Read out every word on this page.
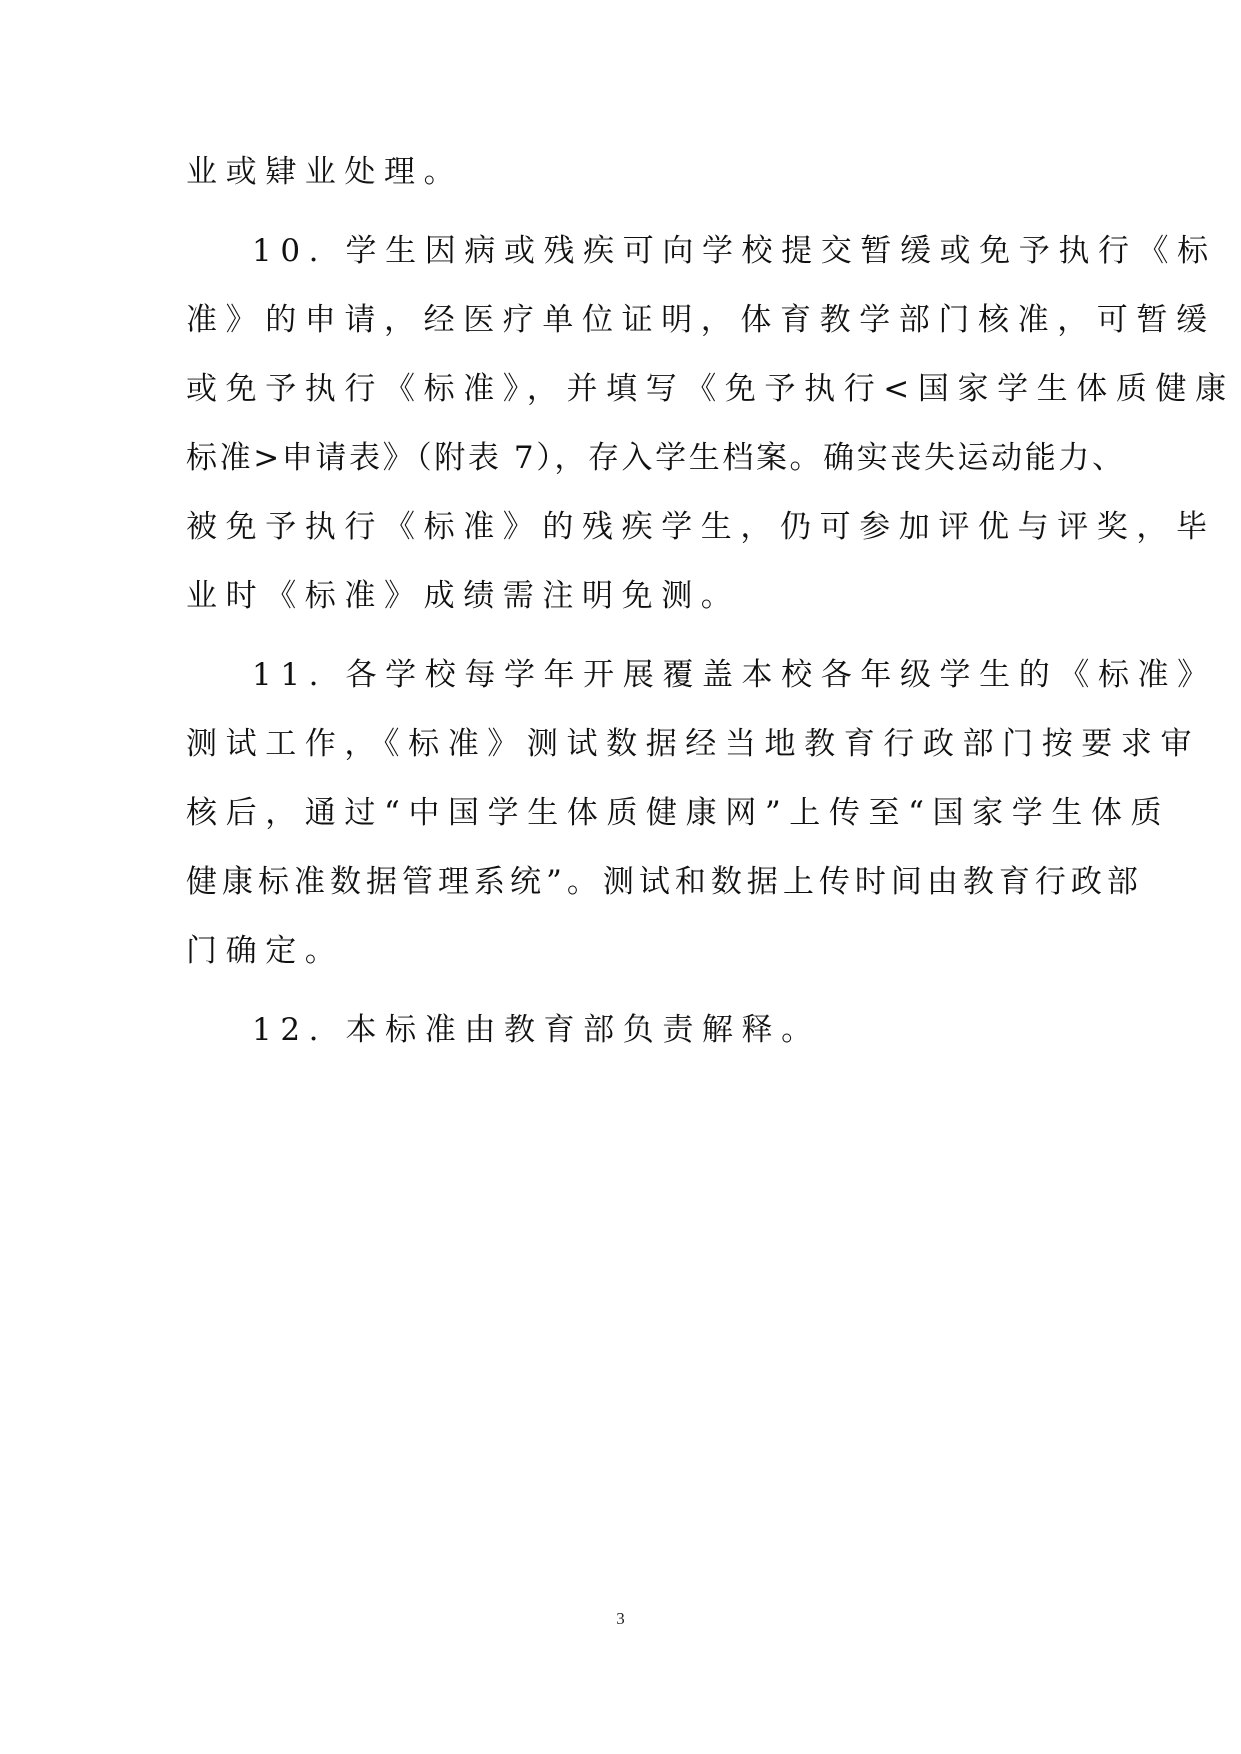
业或肄业处理。
10. 学生因病或残疾可向学校提交暂缓或免予执行《标
准》的申请，经医疗单位证明，体育教学部门核准，可暂缓
或免予执行《标准》，并填写《免予执行<国家学生体质健康
标准>申请表》（附表 7），存入学生档案。确实丧失运动能力、
被免予执行《标准》的残疾学生，仍可参加评优与评奖，毕
业时《标准》成绩需注明免测。
11. 各学校每学年开展覆盖本校各年级学生的《标准》
测试工作，《标准》测试数据经当地教育行政部门按要求审
核后，通过“中国学生体质健康网”上传至“国家学生体质
健康标准数据管理系统”。测试和数据上传时间由教育行政部
门确定。
12. 本标准由教育部负责解释。
3
